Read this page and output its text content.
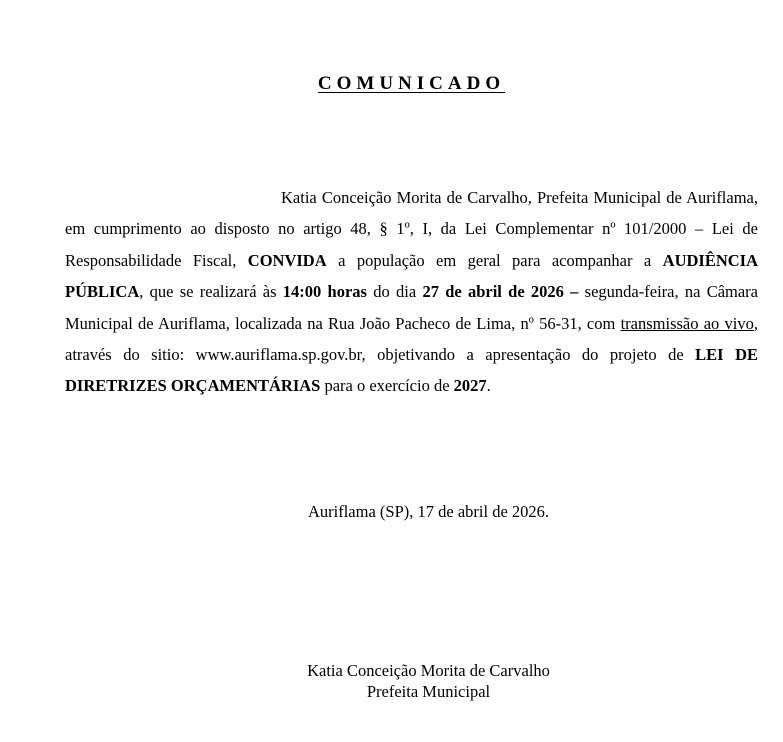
COMUNICADO
Katia Conceição Morita de Carvalho, Prefeita Municipal de Auriflama, em cumprimento ao disposto no artigo 48, § 1º, I, da Lei Complementar nº 101/2000 – Lei de Responsabilidade Fiscal, CONVIDA a população em geral para acompanhar a AUDIÊNCIA PÚBLICA, que se realizará às 14:00 horas do dia 27 de abril de 2026 – segunda-feira, na Câmara Municipal de Auriflama, localizada na Rua João Pacheco de Lima, nº 56-31, com transmissão ao vivo, através do sitio: www.auriflama.sp.gov.br, objetivando a apresentação do projeto de LEI DE DIRETRIZES ORÇAMENTÁRIAS para o exercício de 2027.
Auriflama (SP), 17 de abril de 2026.
Katia Conceição Morita de Carvalho
Prefeita Municipal
